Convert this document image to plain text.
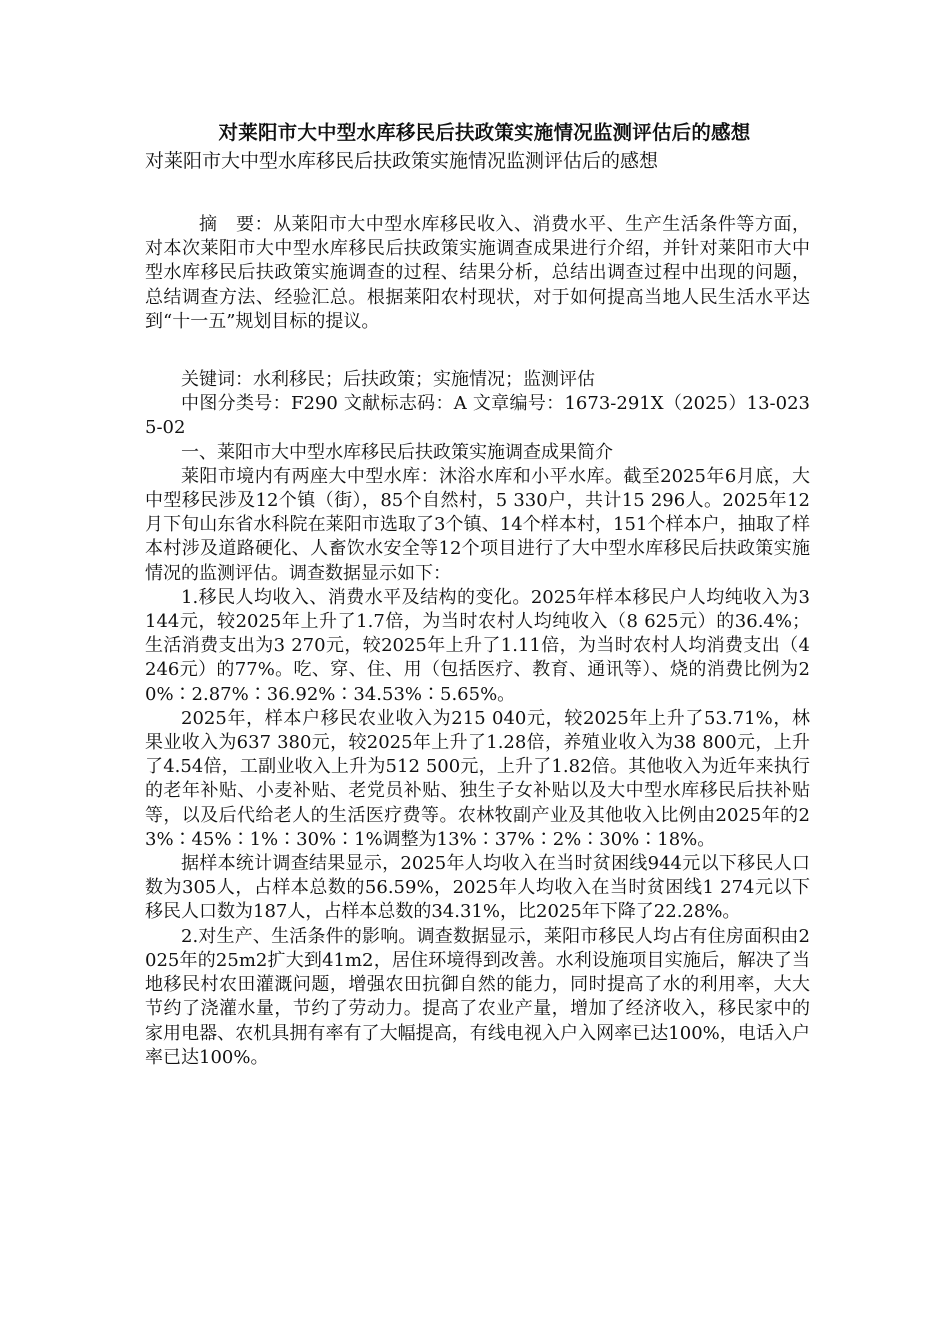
对莱阳市大中型水库移民后扶政策实施情况监测评估后的感想
对莱阳市大中型水库移民后扶政策实施情况监测评估后的感想

摘　要：从莱阳市大中型水库移民收入、消费水平、生产生活条件等方面，对本次莱阳市大中型水库移民后扶政策实施调查成果进行介绍，并针对莱阳市大中型水库移民后扶政策实施调查的过程、结果分析，总结出调查过程中出现的问题，总结调查方法、经验汇总。根据莱阳农村现状，对于如何提高当地人民生活水平达到“十一五”规划目标的提议。

关键词：水利移民；后扶政策；实施情况；监测评估

中图分类号：F290 文献标志码：A 文章编号：1673-291X（2025）13-0235-02

一、莱阳市大中型水库移民后扶政策实施调查成果简介

莱阳市境内有两座大中型水库：沐浴水库和小平水库。截至2025年6月底，大中型移民涉及12个镇（街），85个自然村，5 330户，共计15 296人。2025年12月下旬山东省水科院在莱阳市选取了3个镇、14个样本村，151个样本户，抽取了样本村涉及道路硬化、人畜饮水安全等12个项目进行了大中型水库移民后扶政策实施情况的监测评估。调查数据显示如下：

1.移民人均收入、消费水平及结构的变化。2025年样本移民户人均纯收入为3 144元，较2025年上升了1.7倍，为当时农村人均纯收入（8 625元）的36.4%；生活消费支出为3 270元，较2025年上升了1.11倍，为当时农村人均消费支出（4 246元）的77%。吃、穿、住、用（包括医疗、教育、通讯等）、烧的消费比例为20%∶2.87%∶36.92%∶34.53%∶5.65%。

2025年，样本户移民农业收入为215 040元，较2025年上升了53.71%，林果业收入为637 380元，较2025年上升了1.28倍，养殖业收入为38 800元，上升了4.54倍，工副业收入上升为512 500元，上升了1.82倍。其他收入为近年来执行的老年补贴、小麦补贴、老党员补贴、独生子女补贴以及大中型水库移民后扶补贴等，以及后代给老人的生活医疗费等。农林牧副产业及其他收入比例由2025年的23%∶45%∶1%∶30%∶1%调整为13%∶37%∶2%∶30%∶18%。

据样本统计调查结果显示，2025年人均收入在当时贫困线944元以下移民人口数为305人，占样本总数的56.59%，2025年人均收入在当时贫困线1 274元以下移民人口数为187人，占样本总数的34.31%，比2025年下降了22.28%。

2.对生产、生活条件的影响。调查数据显示，莱阳市移民人均占有住房面积由2025年的25m2扩大到41m2，居住环境得到改善。水利设施项目实施后，解决了当地移民村农田灌溉问题，增强农田抗御自然的能力，同时提高了水的利用率，大大节约了浇灌水量，节约了劳动力。提高了农业产量，增加了经济收入，移民家中的家用电器、农机具拥有率有了大幅提高，有线电视入户入网率已达100%，电话入户率已达100%。
